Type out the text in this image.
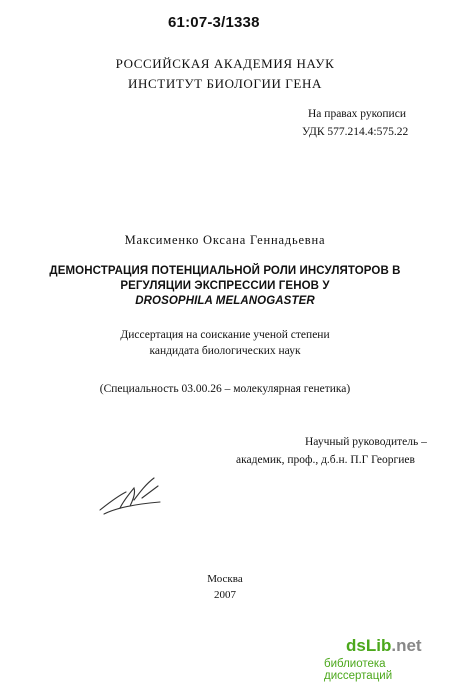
61:07-3/1338
РОССИЙСКАЯ АКАДЕМИЯ НАУК
ИНСТИТУТ БИОЛОГИИ ГЕНА
На правах рукописи
УДК 577.214.4:575.22
Максименко Оксана Геннадьевна
ДЕМОНСТРАЦИЯ ПОТЕНЦИАЛЬНОЙ РОЛИ ИНСУЛЯТОРОВ В
РЕГУЛЯЦИИ ЭКСПРЕССИИ ГЕНОВ У
DROSOPHILA MELANOGASTER
Диссертация на соискание ученой степени
кандидата биологических наук
(Специальность 03.00.26 – молекулярная генетика)
Научный руководитель –
академик, проф., д.б.н. П.Г Георгиев
Москва
2007
dsLib.net
библиотека диссертаций
